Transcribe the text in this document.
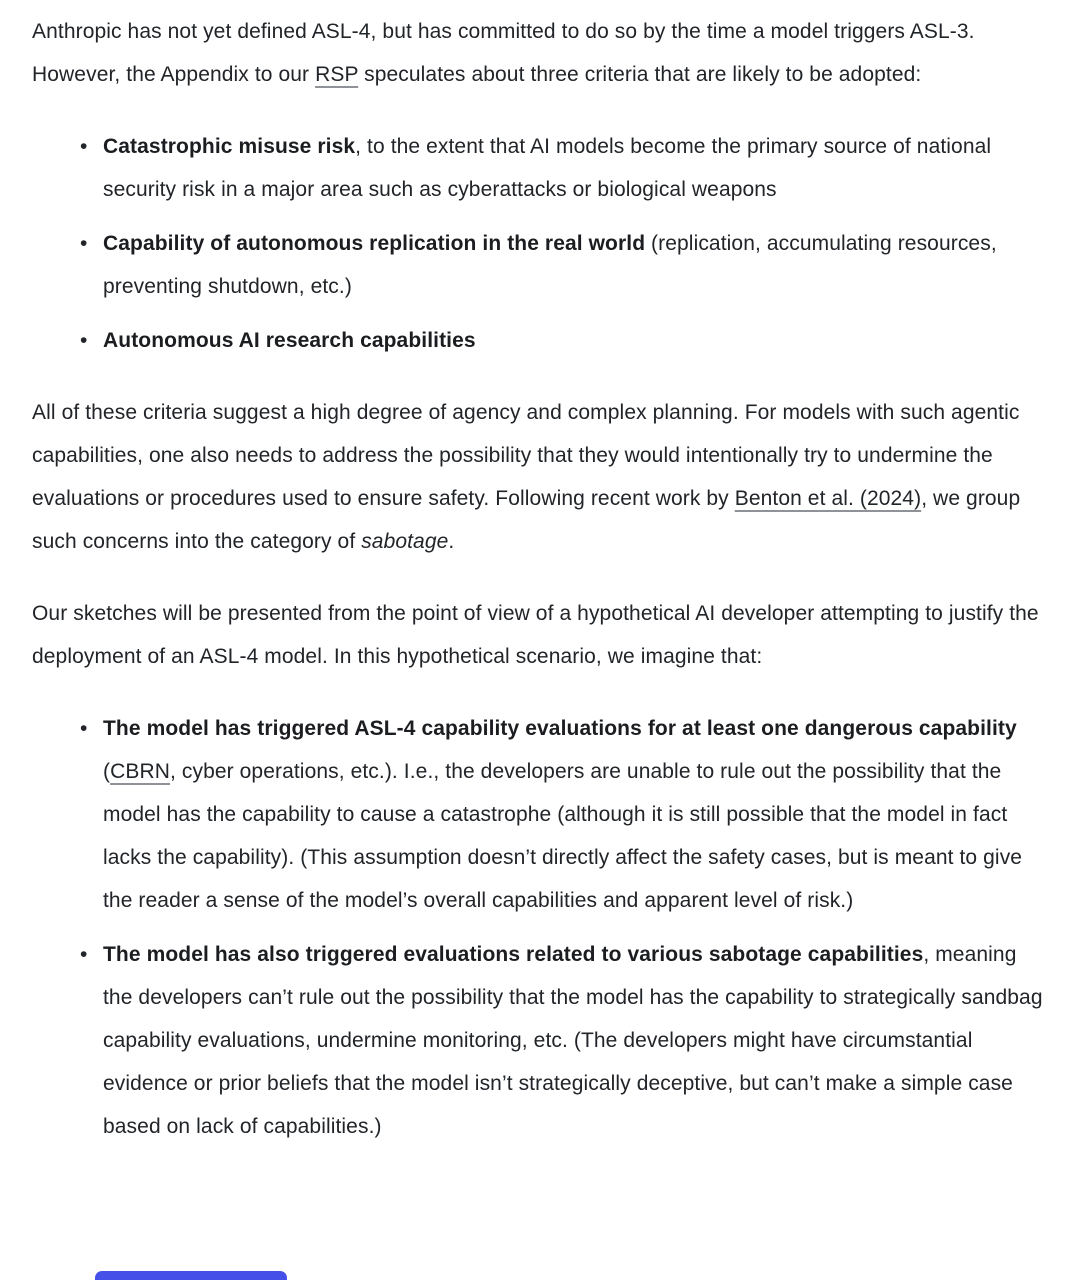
Anthropic has not yet defined ASL-4, but has committed to do so by the time a model triggers ASL-3. However, the Appendix to our RSP speculates about three criteria that are likely to be adopted:

• Catastrophic misuse risk, to the extent that AI models become the primary source of national security risk in a major area such as cyberattacks or biological weapons
• Capability of autonomous replication in the real world (replication, accumulating resources, preventing shutdown, etc.)
• Autonomous AI research capabilities

All of these criteria suggest a high degree of agency and complex planning. For models with such agentic capabilities, one also needs to address the possibility that they would intentionally try to undermine the evaluations or procedures used to ensure safety. Following recent work by Benton et al. (2024), we group such concerns into the category of sabotage.

Our sketches will be presented from the point of view of a hypothetical AI developer attempting to justify the deployment of an ASL-4 model. In this hypothetical scenario, we imagine that:

• The model has triggered ASL-4 capability evaluations for at least one dangerous capability (CBRN, cyber operations, etc.). I.e., the developers are unable to rule out the possibility that the model has the capability to cause a catastrophe (although it is still possible that the model in fact lacks the capability). (This assumption doesn’t directly affect the safety cases, but is meant to give the reader a sense of the model’s overall capabilities and apparent level of risk.)
• The model has also triggered evaluations related to various sabotage capabilities, meaning the developers can’t rule out the possibility that the model has the capability to strategically sandbag capability evaluations, undermine monitoring, etc. (The developers might have circumstantial evidence or prior beliefs that the model isn’t strategically deceptive, but can’t make a simple case based on lack of capabilities.)
